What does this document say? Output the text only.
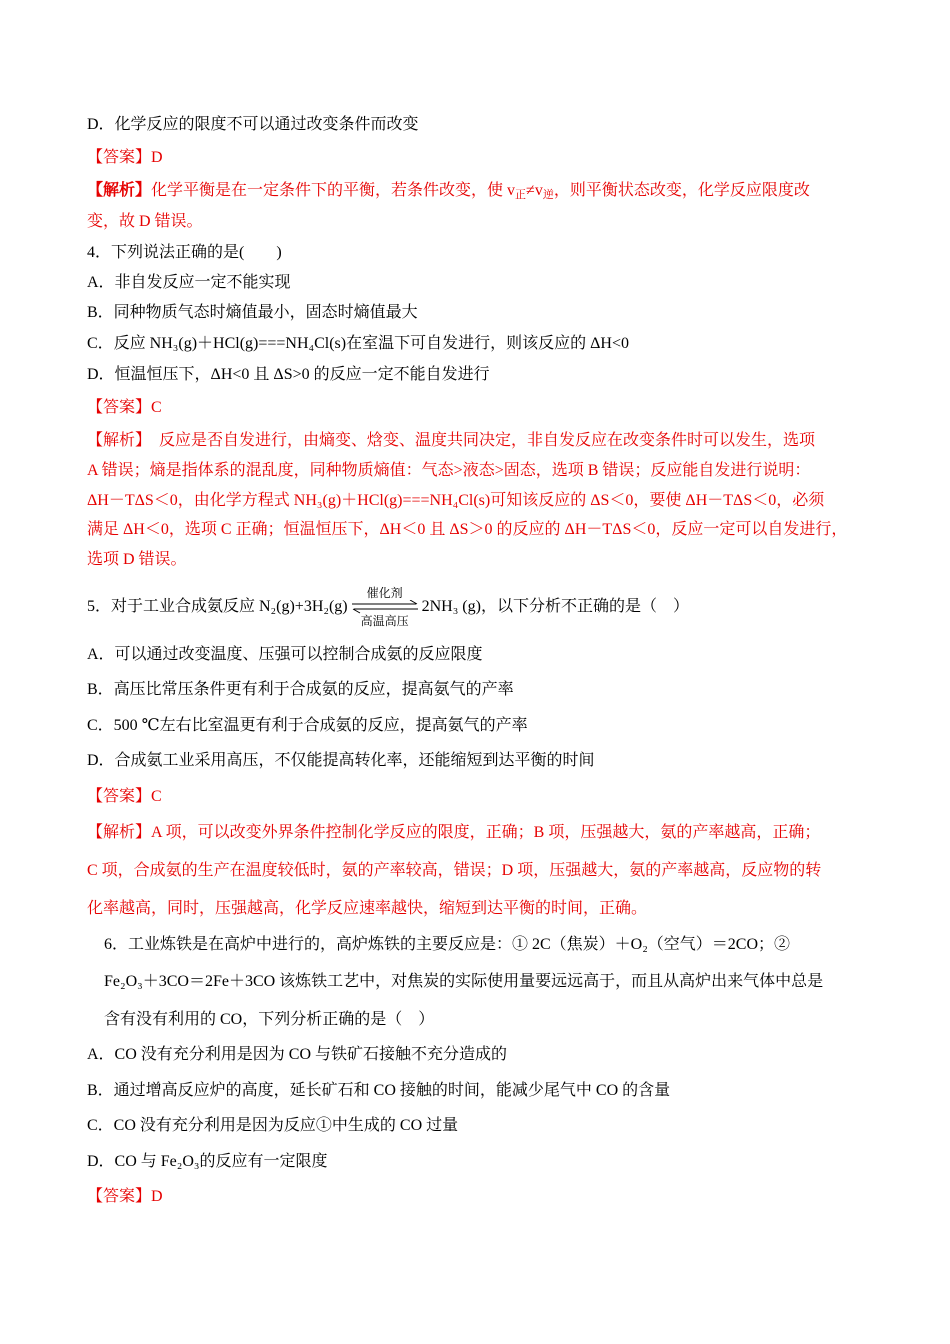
D．化学反应的限度不可以通过改变条件而改变
【答案】D
【解析】化学平衡是在一定条件下的平衡，若条件改变，使 $v_正\ne v_逆$，则平衡状态改变，化学反应限度改
变，故 D 错误。
4．下列说法正确的是(　　)
A．非自发反应一定不能实现
B．同种物质气态时熵值最小，固态时熵值最大
C．反应 NH₃(g)＋HCl(g)===NH₄Cl(s)在室温下可自发进行，则该反应的 ΔH<0
D．恒温恒压下，ΔH<0 且 ΔS>0 的反应一定不能自发进行
【答案】C
【解析】　反应是否自发进行，由熵变、焓变、温度共同决定，非自发反应在改变条件时可以发生，选项
A 错误；熵是指体系的混乱度，同种物质熵值：气态>液态>固态，选项 B 错误；反应能自发进行说明：
ΔH－TΔS＜0，由化学方程式 NH₃(g)＋HCl(g)===NH₄Cl(s)可知该反应的 ΔS＜0，要使 ΔH－TΔS＜0，必须
满足 ΔH＜0，选项 C 正确；恒温恒压下，ΔH＜0 且 ΔS＞0 的反应的 ΔH－TΔS＜0，反应一定可以自发进行，
选项 D 错误。
5．对于工业合成氨反应 N₂(g)+3H₂(g)
催化剂
高温高压
2NH₃ (g)，以下分析不正确的是（　）
A．可以通过改变温度、压强可以控制合成氨的反应限度
B．高压比常压条件更有利于合成氨的反应，提高氨气的产率
C．500 ℃左右比室温更有利于合成氨的反应，提高氨气的产率
D．合成氨工业采用高压，不仅能提高转化率，还能缩短到达平衡的时间
【答案】C
【解析】A 项，可以改变外界条件控制化学反应的限度，正确；B 项，压强越大，氨的产率越高，正确；
C 项，合成氨的生产在温度较低时，氨的产率较高，错误；D 项，压强越大，氨的产率越高，反应物的转
化率越高，同时，压强越高，化学反应速率越快，缩短到达平衡的时间，正确。
6．工业炼铁是在高炉中进行的，高炉炼铁的主要反应是：① 2C（焦炭）＋O₂（空气）＝2CO；②
Fe₂O₃＋3CO＝2Fe＋3CO 该炼铁工艺中，对焦炭的实际使用量要远远高于，而且从高炉出来气体中总是
含有没有利用的 CO，下列分析正确的是（　）
A．CO 没有充分利用是因为 CO 与铁矿石接触不充分造成的
B．通过增高反应炉的高度，延长矿石和 CO 接触的时间，能减少尾气中 CO 的含量
C．CO 没有充分利用是因为反应①中生成的 CO 过量
D．CO 与 Fe₂O₃的反应有一定限度
【答案】D
